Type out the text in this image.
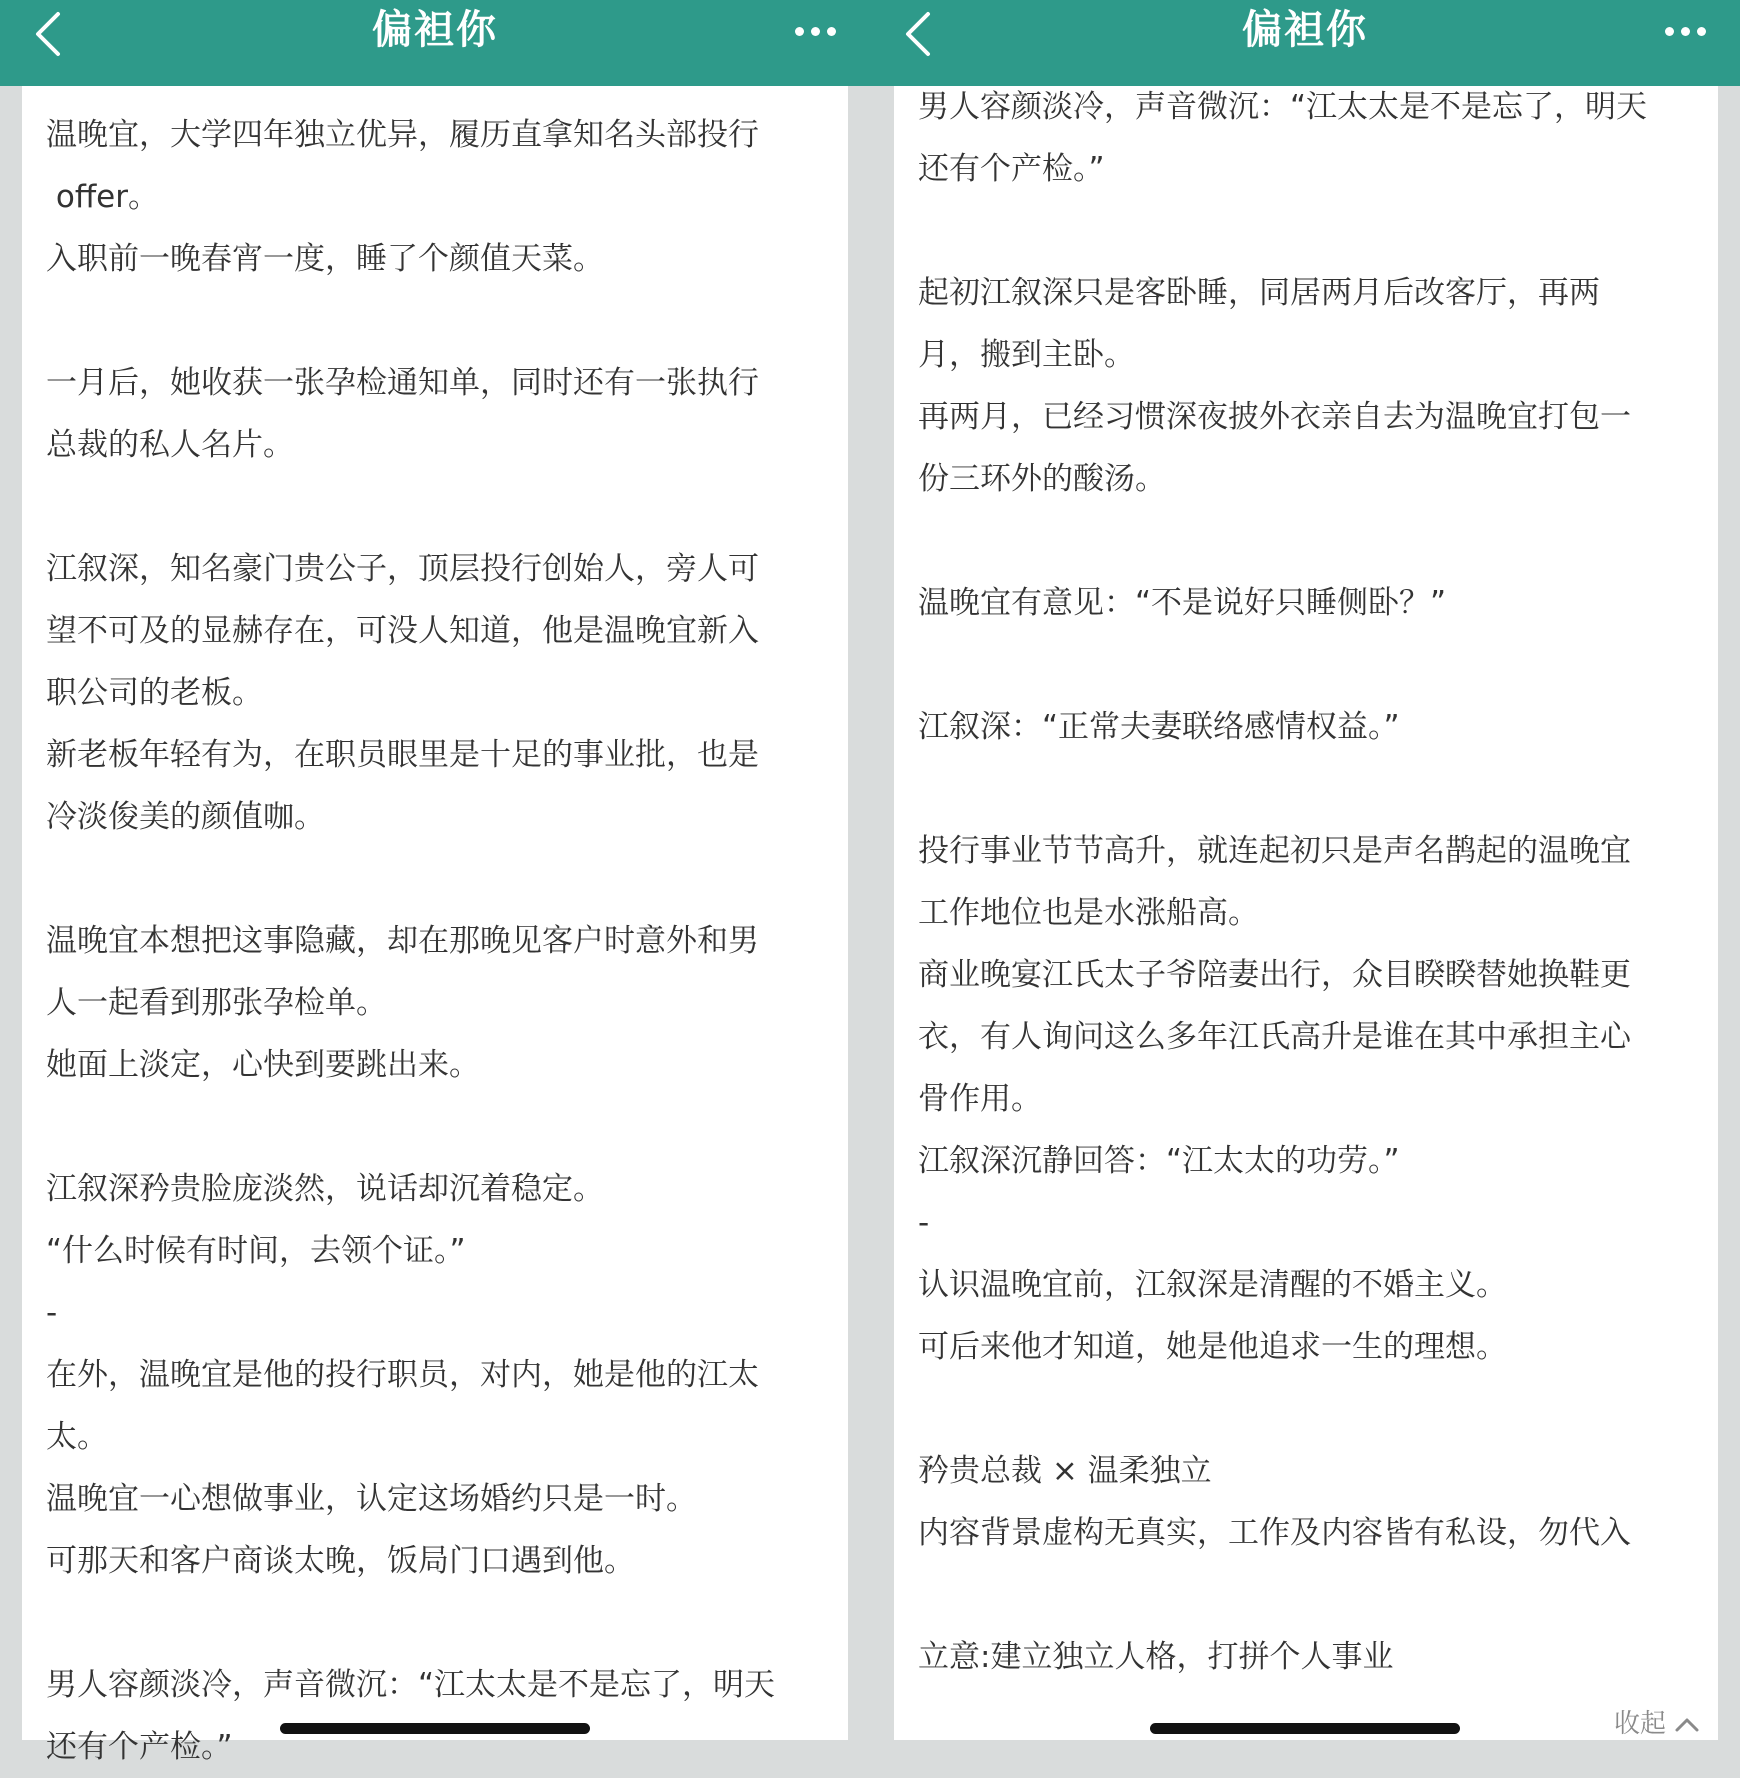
温晚宜，大学四年独立优异，履历直拿知名头部投行
offer。
入职前一晚春宵一度，睡了个颜值天菜。
一月后，她收获一张孕检通知单，同时还有一张执行
总裁的私人名片。
江叙深，知名豪门贵公子，顶层投行创始人，旁人可
望不可及的显赫存在，可没人知道，他是温晚宜新入
职公司的老板。
新老板年轻有为，在职员眼里是十足的事业批，也是
冷淡俊美的颜值咖。
温晚宜本想把这事隐藏，却在那晚见客户时意外和男
人一起看到那张孕检单。
她面上淡定，心快到要跳出来。
江叙深矜贵脸庞淡然，说话却沉着稳定。
“什么时候有时间，去领个证。”
-
在外，温晚宜是他的投行职员，对内，她是他的江太
太。
温晚宜一心想做事业，认定这场婚约只是一时。
可那天和客户商谈太晚，饭局门口遇到他。
男人容颜淡冷，声音微沉：“江太太是不是忘了，明天
还有个产检。”
偏袒你
男人容颜淡冷，声音微沉：“江太太是不是忘了，明天
还有个产检。”
起初江叙深只是客卧睡，同居两月后改客厅，再两
月，搬到主卧。
再两月，已经习惯深夜披外衣亲自去为温晚宜打包一
份三环外的酸汤。
温晚宜有意见：“不是说好只睡侧卧？”
江叙深：“正常夫妻联络感情权益。”
投行事业节节高升，就连起初只是声名鹊起的温晚宜
工作地位也是水涨船高。
商业晚宴江氏太子爷陪妻出行，众目睽睽替她换鞋更
衣，有人询问这么多年江氏高升是谁在其中承担主心
骨作用。
江叙深沉静回答：“江太太的功劳。”
-
认识温晚宜前，江叙深是清醒的不婚主义。
可后来他才知道，她是他追求一生的理想。
矜贵总裁 × 温柔独立
内容背景虚构无真实，工作及内容皆有私设，勿代入
立意:建立独立人格，打拼个人事业
偏袒你
收起
